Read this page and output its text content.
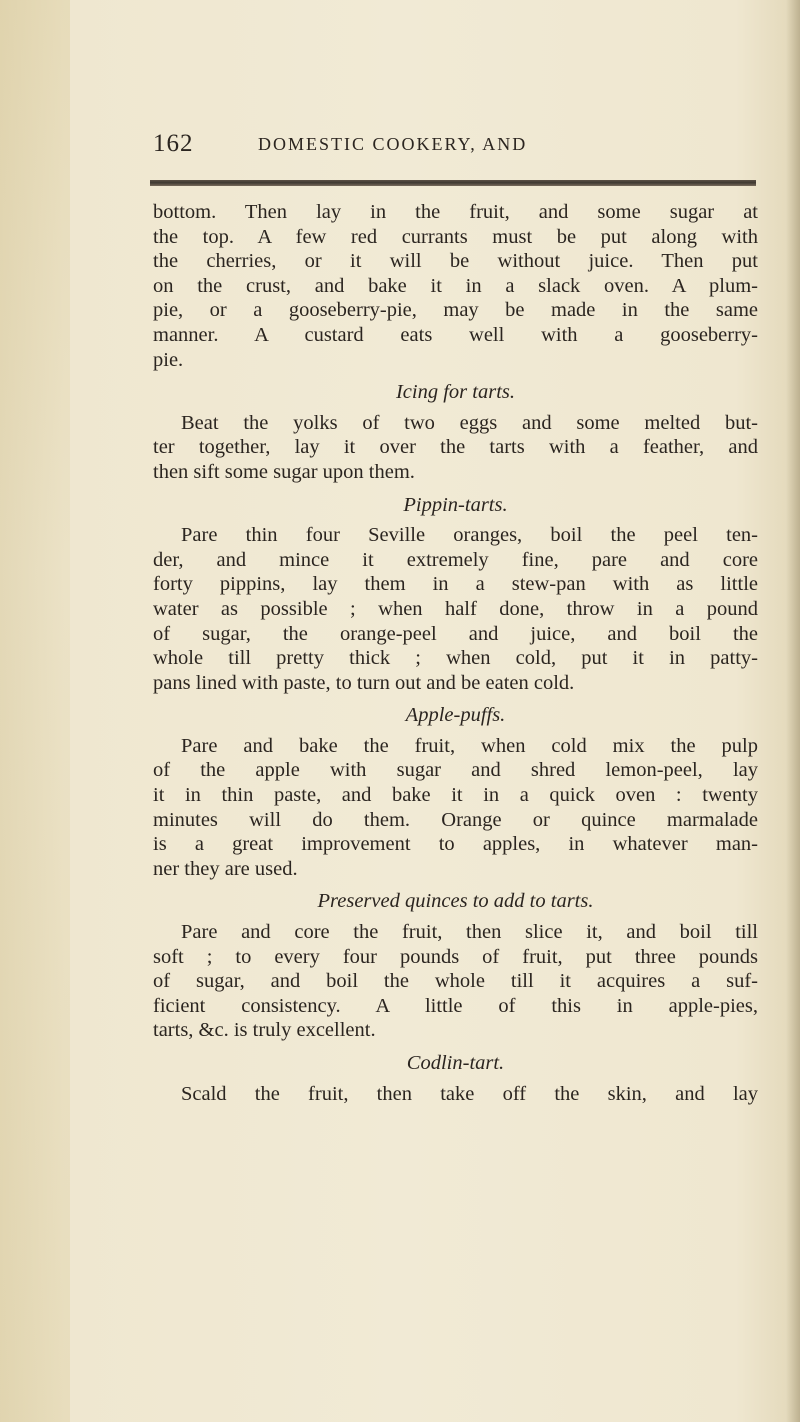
162	DOMESTIC COOKERY, AND

bottom. Then lay in the fruit, and some sugar at

the top. A few red currants must be put along with

the cherries, or it will be without juice. Then put

on the crust, and bake it in a slack oven. A plum-

pie, or a gooseberry-pie, may be made in the same

manner. A custard eats well with a gooseberry-

pie.

Icing for tarts.

Beat the yolks of two eggs and some melted but-

ter together, lay it over the tarts with a feather, and

then sift some sugar upon them.

Pippin-tarts.

Pare thin four Seville oranges, boil the peel ten-

der, and mince it extremely fine, pare and core

forty pippins, lay them in a stew-pan with as little

water as possible ; when half done, throw in a pound

of sugar, the orange-peel and juice, and boil the

whole till pretty thick ; when cold, put it in patty-

pans lined with paste, to turn out and be eaten cold.

Apple-puffs.

Pare and bake the fruit, when cold mix the pulp

of the apple with sugar and shred lemon-peel, lay

it in thin paste, and bake it in a quick oven : twenty

minutes will do them. Orange or quince marmalade

is a great improvement to apples, in whatever man-

ner they are used.

Preserved quinces to add to tarts.

Pare and core the fruit, then slice it, and boil till

soft ; to every four pounds of fruit, put three pounds

of sugar, and boil the whole till it acquires a suf-

ficient consistency. A little of this in apple-pies,

tarts, &c. is truly excellent.

Codlin-tart.

Scald the fruit, then take off the skin, and lay
